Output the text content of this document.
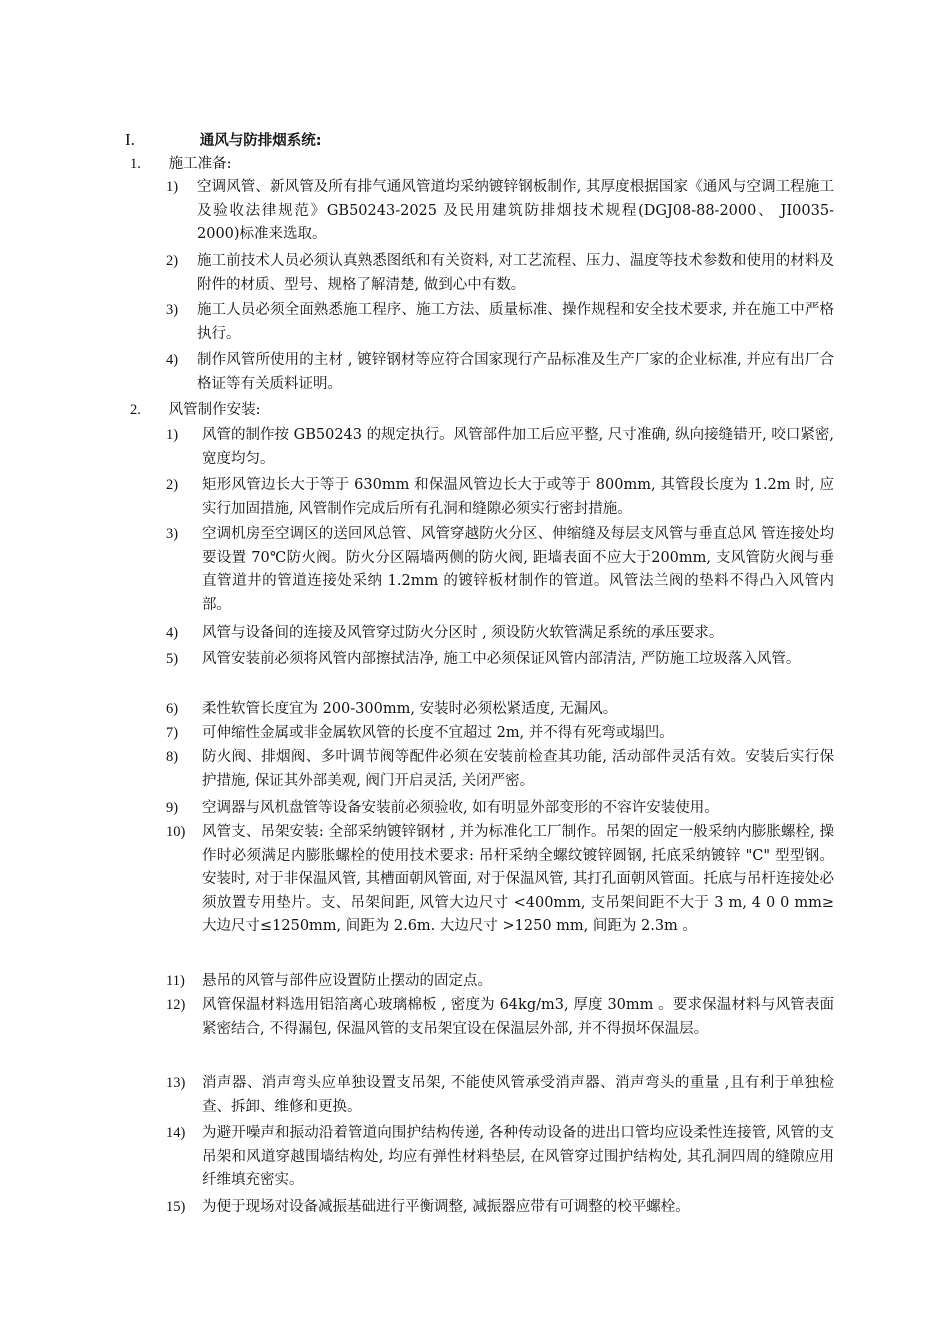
I.	通风与防排烟系统:
1. 施工准备:
1) 空调风管、新风管及所有排气通风管道均采纳镀锌钢板制作, 其厚度根据国家《通风与空调工程施工及验收法律规范》GB50243-2025 及民用建筑防排烟技术规程(DGJ08-88-2000、 JI0035-2000)标准来选取。
2) 施工前技术人员必须认真熟悉图纸和有关资料, 对工艺流程、压力、温度等技术参数和使用的材料及附件的材质、型号、规格了解清楚, 做到心中有数。
3) 施工人员必须全面熟悉施工程序、施工方法、质量标准、操作规程和安全技术要求, 并在施工中严格执行。
4) 制作风管所使用的主材 , 镀锌钢材等应符合国家现行产品标准及生产厂家的企业标准, 并应有出厂合格证等有关质料证明。
2. 风管制作安装:
1) 风管的制作按 GB50243 的规定执行。风管部件加工后应平整, 尺寸准确, 纵向接缝错开, 咬口紧密, 宽度均匀。
2) 矩形风管边长大于等于 630mm 和保温风管边长大于或等于 800mm, 其管段长度为 1.2m 时, 应实行加固措施, 风管制作完成后所有孔洞和缝隙必须实行密封措施。
3) 空调机房至空调区的送回风总管、风管穿越防火分区、伸缩缝及每层支风管与垂直总风 管连接处均要设置 70℃防火阀。防火分区隔墙两侧的防火阀, 距墙表面不应大于200mm, 支风管防火阀与垂直管道井的管道连接处采纳 1.2mm 的镀锌板材制作的管道。风管法兰阀的垫料不得凸入风管内部。
4) 风管与设备间的连接及风管穿过防火分区时 , 须设防火软管满足系统的承压要求。
5) 风管安装前必须将风管内部擦拭洁净, 施工中必须保证风管内部清洁, 严防施工垃圾落入风管。
6) 柔性软管长度宜为 200-300mm, 安装时必须松紧适度, 无漏风。
7) 可伸缩性金属或非金属软风管的长度不宜超过 2m, 并不得有死弯或塌凹。
8) 防火阀、排烟阀、多叶调节阀等配件必须在安装前检查其功能, 活动部件灵活有效。安装后实行保护措施, 保证其外部美观, 阀门开启灵活, 关闭严密。
9) 空调器与风机盘管等设备安装前必须验收, 如有明显外部变形的不容许安装使用。
10) 风管支、吊架安装: 全部采纳镀锌钢材 , 并为标准化工厂制作。吊架的固定一般采纳内膨胀螺栓, 操作时必须满足内膨胀螺栓的使用技术要求: 吊杆采纳全螺纹镀锌圆钢, 托底采纳镀锌 "C" 型型钢。安装时, 对于非保温风管, 其槽面朝风管面, 对于保温风管, 其打孔面朝风管面。托底与吊杆连接处必须放置专用垫片。支、吊架间距, 风管大边尺寸 <400mm, 支吊架间距不大于 3 m, 4 0 0 mm≥大边尺寸≤1250mm, 间距为 2.6m. 大边尺寸 >1250 mm, 间距为 2.3m 。
11) 悬吊的风管与部件应设置防止摆动的固定点。
12) 风管保温材料选用铝箔离心玻璃棉板 , 密度为 64kg/m3, 厚度 30mm 。要求保温材料与风管表面紧密结合, 不得漏包, 保温风管的支吊架宜设在保温层外部, 并不得损坏保温层。
13) 消声器、消声弯头应单独设置支吊架, 不能使风管承受消声器、消声弯头的重量 ,且有利于单独检查、拆卸、维修和更换。
14) 为避开噪声和振动沿着管道向围护结构传递, 各种传动设备的进出口管均应设柔性连接管, 风管的支吊架和风道穿越围墙结构处, 均应有弹性材料垫层, 在风管穿过围护结构处, 其孔洞四周的缝隙应用纤维填充密实。
15) 为便于现场对设备减振基础进行平衡调整, 减振器应带有可调整的校平螺栓。
